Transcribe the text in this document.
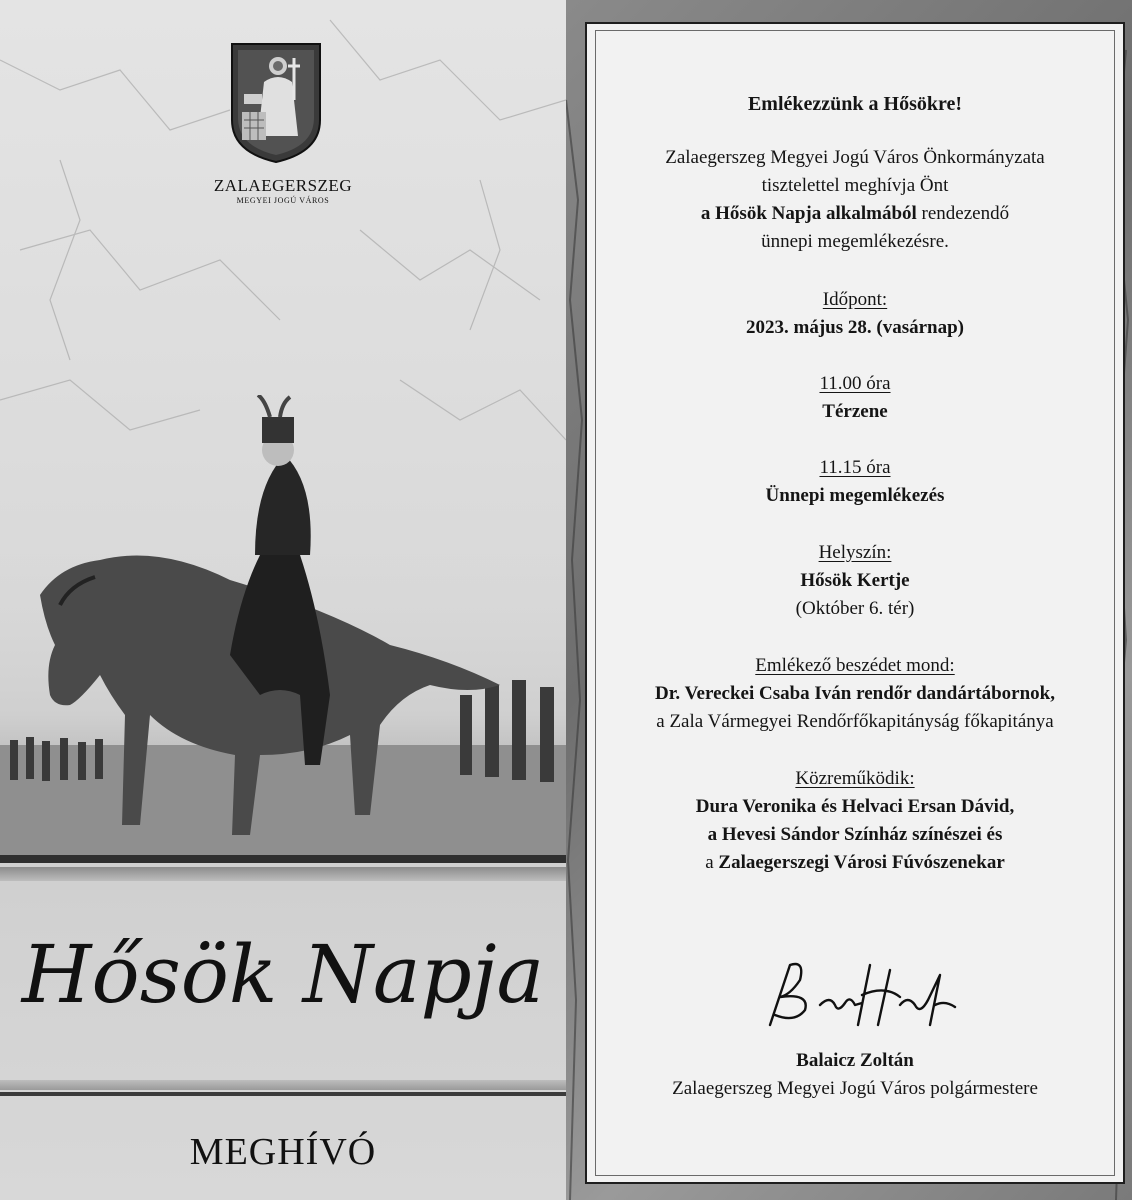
ZALAEGERSZEG
MEGYEI JOGÚ VÁROS
Hősök Napja
MEGHÍVÓ
Emlékezzünk a Hősökre!
Zalaegerszeg Megyei Jogú Város Önkormányzata
tisztelettel meghívja Önt
a Hősök Napja alkalmából rendezendő
ünnepi megemlékezésre.
Időpont:
2023. május 28. (vasárnap)
11.00 óra
Térzene
11.15 óra
Ünnepi megemlékezés
Helyszín:
Hősök Kertje
(Október 6. tér)
Emlékező beszédet mond:
Dr. Vereckei Csaba Iván rendőr dandártábornok,
a Zala Vármegyei Rendőrfőkapitányság főkapitánya
Közreműködik:
Dura Veronika és Helvaci Ersan Dávid,
a Hevesi Sándor Színház színészei és
a Zalaegerszegi Városi Fúvószenekar
Balaicz Zoltán
Zalaegerszeg Megyei Jogú Város polgármestere
